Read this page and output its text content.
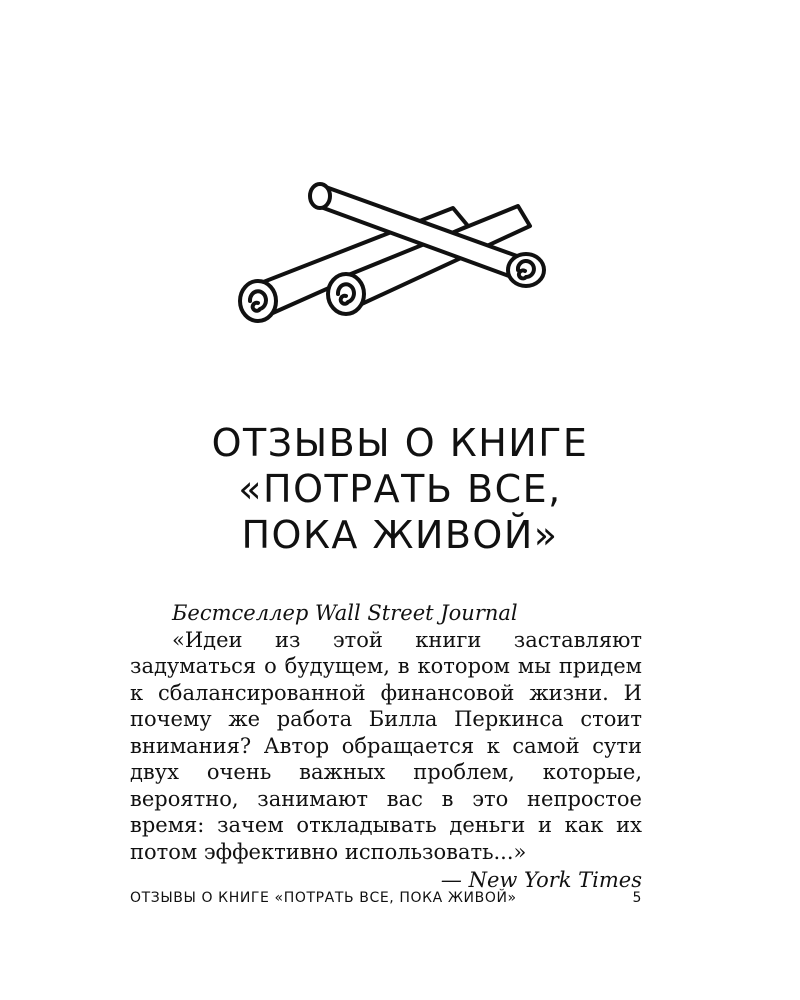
ОТЗЫВЫ О КНИГЕ
«ПОТРАТЬ ВСЕ,
ПОКА ЖИВОЙ»

Бестселлер Wall Street Journal

«Идеи из этой книги заставляют задуматься о будущем, в котором мы придем к сбалансированной финансовой жизни. И почему же работа Билла Перкинса стоит внимания? Автор обращается к самой сути двух очень важных проблем, которые, вероятно, занимают вас в это непростое время: зачем откладывать деньги и как их потом эффективно использовать...»

— New York Times

ОТЗЫВЫ О КНИГЕ «ПОТРАТЬ ВСЕ, ПОКА ЖИВОЙ»	5
